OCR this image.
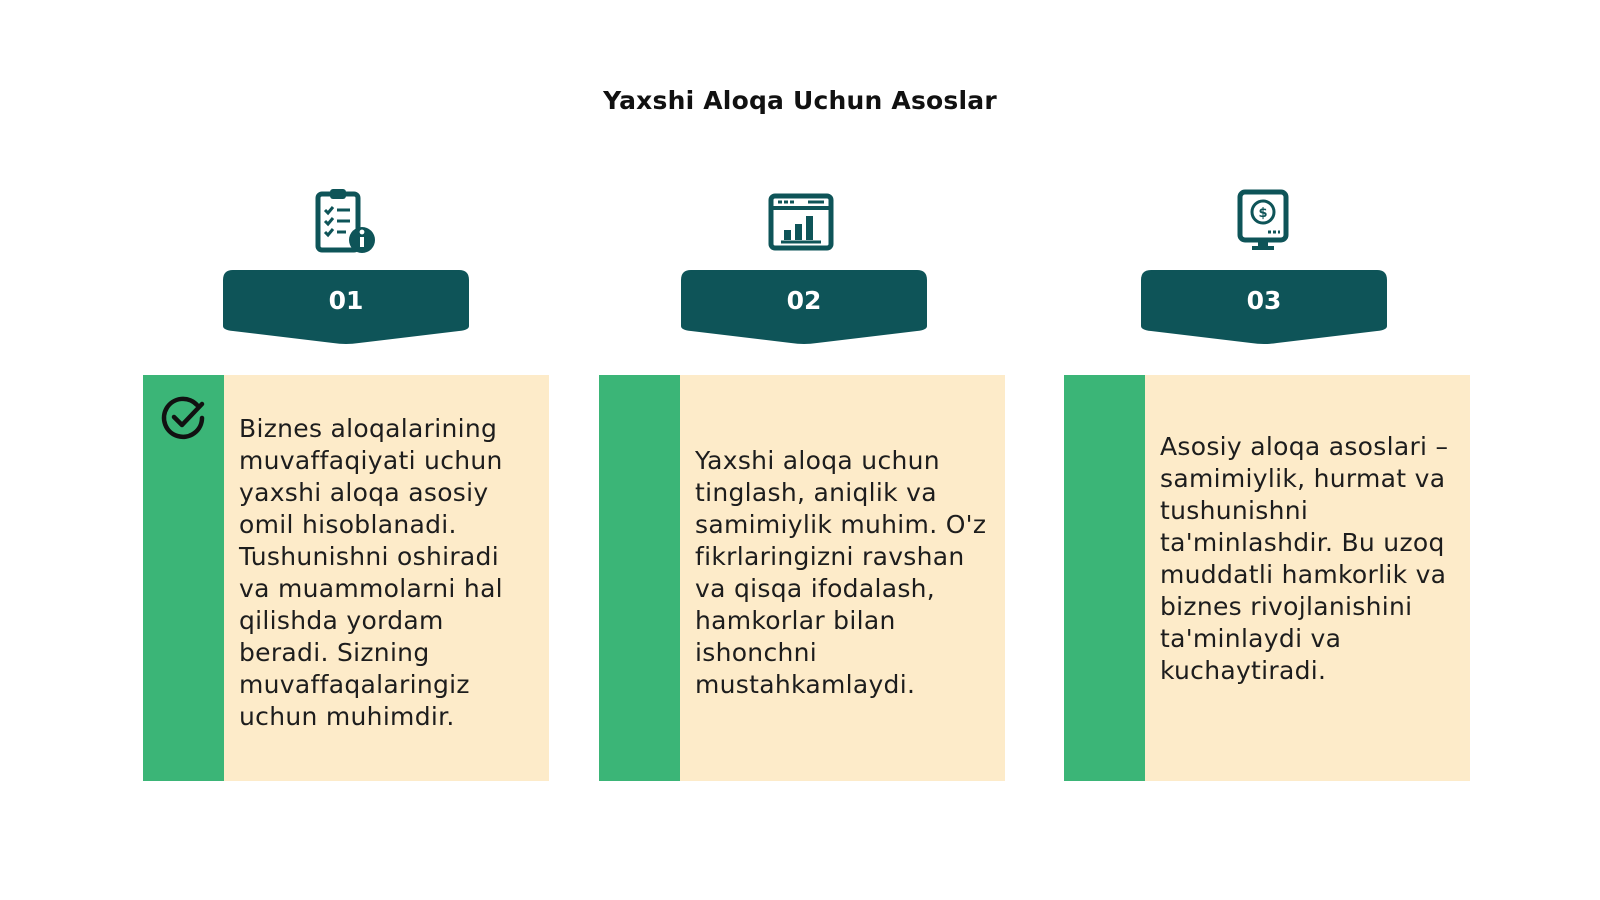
Yaxshi Aloqa Uchun Asoslar
01
Biznes aloqalarining muvaffaqiyati uchun yaxshi aloqa asosiy omil hisoblanadi. Tushunishni oshiradi va muammolarni hal qilishda yordam beradi. Sizning muvaffaqalaringiz uchun muhimdir.
02
Yaxshi aloqa uchun tinglash, aniqlik va samimiylik muhim. O'z fikrlaringizni ravshan va qisqa ifodalash, hamkorlar bilan ishonchni mustahkamlaydi.
$
03
Asosiy aloqa asoslari – samimiylik, hurmat va tushunishni ta'minlashdir. Bu uzoq muddatli hamkorlik va biznes rivojlanishini ta'minlaydi va kuchaytiradi.
